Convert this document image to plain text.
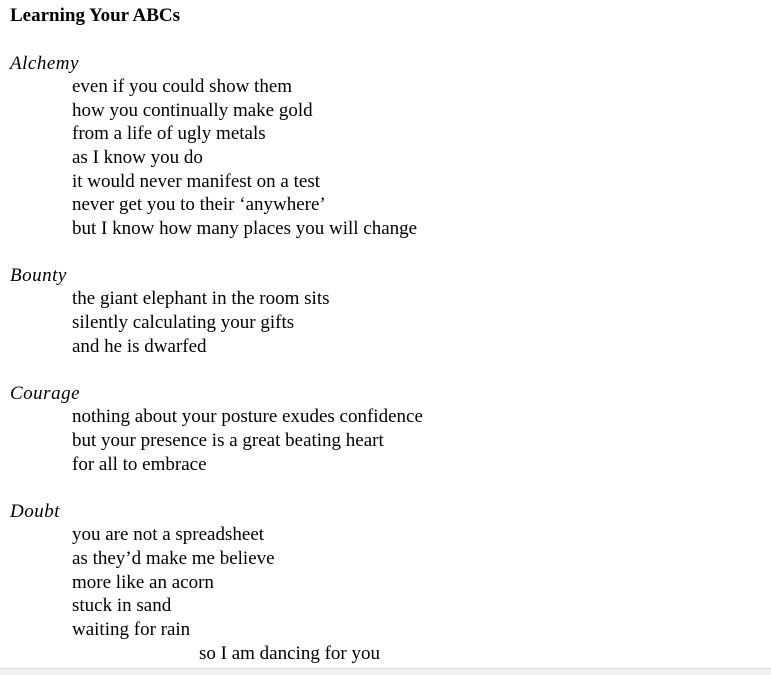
Learning Your ABCs
Alchemy
even if you could show them
how you continually make gold
from a life of ugly metals
as I know you do
it would never manifest on a test
never get you to their ‘anywhere’
but I know how many places you will change
Bounty
the giant elephant in the room sits
silently calculating your gifts
and he is dwarfed
Courage
nothing about your posture exudes confidence
but your presence is a great beating heart
for all to embrace
Doubt
you are not a spreadsheet
as they’d make me believe
more like an acorn
stuck in sand
waiting for rain
so I am dancing for you
